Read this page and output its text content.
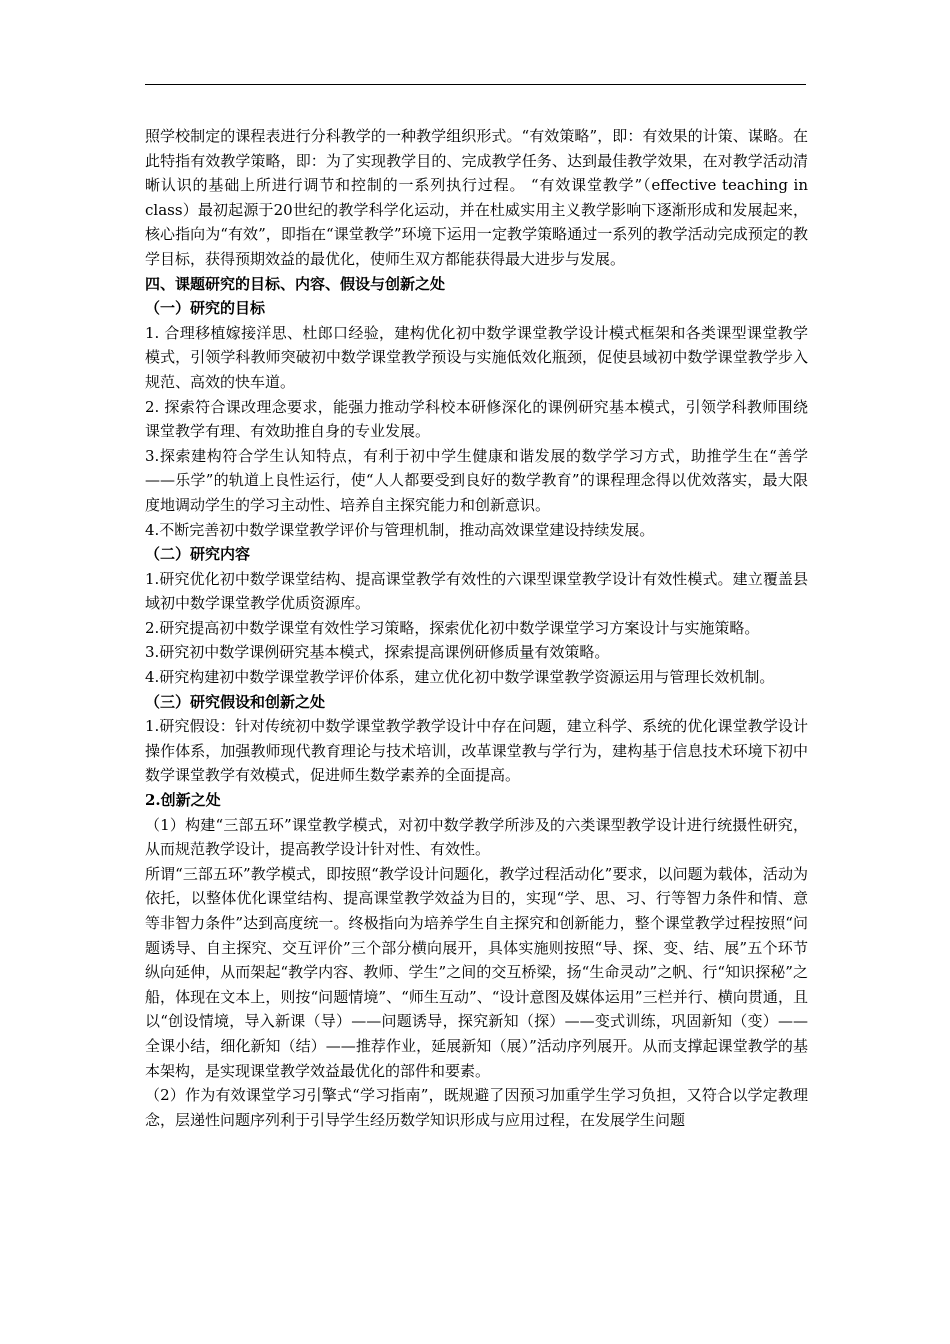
照学校制定的课程表进行分科教学的一种教学组织形式。“有效策略”，即：有效果的计策、谋略。在此特指有效教学策略，即：为了实现教学目的、完成教学任务、达到最佳教学效果，在对教学活动清晰认识的基础上所进行调节和控制的一系列执行过程。 “有效课堂教学”（effective teaching in class）最初起源于20世纪的教学科学化运动，并在杜威实用主义教学影响下逐渐形成和发展起来，核心指向为“有效”，即指在“课堂教学”环境下运用一定教学策略通过一系列的教学活动完成预定的教学目标，获得预期效益的最优化，使师生双方都能获得最大进步与发展。

四、课题研究的目标、内容、假设与创新之处

（一）研究的目标

1. 合理移植嫁接洋思、杜郎口经验，建构优化初中数学课堂教学设计模式框架和各类课型课堂教学模式，引领学科教师突破初中数学课堂教学预设与实施低效化瓶颈，促使县域初中数学课堂教学步入规范、高效的快车道。

2. 探索符合课改理念要求，能强力推动学科校本研修深化的课例研究基本模式，引领学科教师围绕课堂教学有理、有效助推自身的专业发展。

3.探索建构符合学生认知特点，有利于初中学生健康和谐发展的数学学习方式，助推学生在“善学——乐学”的轨道上良性运行，使“人人都要受到良好的数学教育”的课程理念得以优效落实，最大限度地调动学生的学习主动性、培养自主探究能力和创新意识。

4.不断完善初中数学课堂教学评价与管理机制，推动高效课堂建设持续发展。

（二）研究内容

1.研究优化初中数学课堂结构、提高课堂教学有效性的六课型课堂教学设计有效性模式。建立覆盖县域初中数学课堂教学优质资源库。

2.研究提高初中数学课堂有效性学习策略，探索优化初中数学课堂学习方案设计与实施策略。

3.研究初中数学课例研究基本模式，探索提高课例研修质量有效策略。

4.研究构建初中数学课堂教学评价体系，建立优化初中数学课堂教学资源运用与管理长效机制。

（三）研究假设和创新之处

1.研究假设：针对传统初中数学课堂教学教学设计中存在问题，建立科学、系统的优化课堂教学设计操作体系，加强教师现代教育理论与技术培训，改革课堂教与学行为，建构基于信息技术环境下初中数学课堂教学有效模式，促进师生数学素养的全面提高。

2.创新之处

（1）构建“三部五环”课堂教学模式，对初中数学教学所涉及的六类课型教学设计进行统摄性研究，从而规范教学设计，提高教学设计针对性、有效性。

所谓“三部五环”教学模式，即按照“教学设计问题化，教学过程活动化”要求，以问题为载体，活动为依托，以整体优化课堂结构、提高课堂教学效益为目的，实现“学、思、习、行等智力条件和情、意等非智力条件”达到高度统一。终极指向为培养学生自主探究和创新能力，整个课堂教学过程按照“问题诱导、自主探究、交互评价”三个部分横向展开，具体实施则按照“导、探、变、结、展”五个环节纵向延伸，从而架起“教学内容、教师、学生”之间的交互桥梁，扬“生命灵动”之帆、行“知识探秘”之船，体现在文本上，则按“问题情境”、“师生互动”、“设计意图及媒体运用”三栏并行、横向贯通，且以“创设情境，导入新课（导）——问题诱导，探究新知（探）——变式训练，巩固新知（变）——全课小结，细化新知（结）——推荐作业，延展新知（展）”活动序列展开。从而支撑起课堂教学的基本架构，是实现课堂教学效益最优化的部件和要素。

（2）作为有效课堂学习引擎式“学习指南”，既规避了因预习加重学生学习负担，又符合以学定教理念，层递性问题序列利于引导学生经历数学知识形成与应用过程，在发展学生问题
